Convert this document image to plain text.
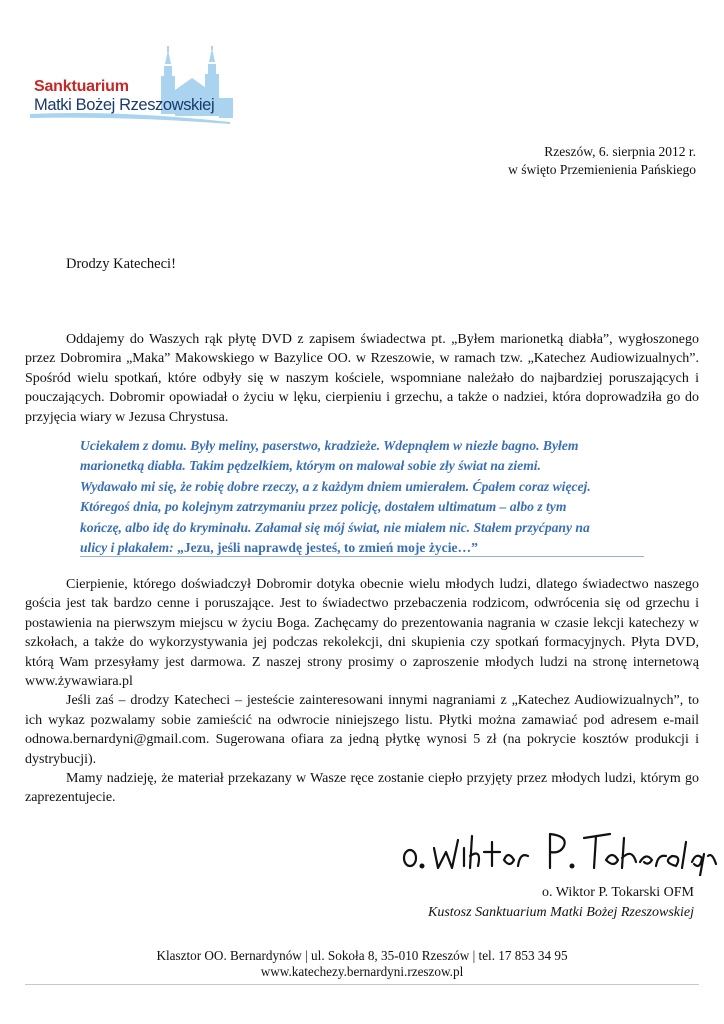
Sanktuarium
Matki Bożej Rzeszowskiej
Rzeszów, 6. sierpnia 2012 r.
w święto Przemienienia Pańskiego
Drodzy Katecheci!
Oddajemy do Waszych rąk płytę DVD z zapisem świadectwa pt. „Byłem marionetką diabła”, wygłoszonego przez Dobromira „Maka” Makowskiego w Bazylice OO. w Rzeszowie, w ramach tzw. „Katechez Audiowizualnych”. Spośród wielu spotkań, które odbyły się w naszym kościele, wspomniane należało do najbardziej poruszających i pouczających. Dobromir opowiadał o życiu w lęku, cierpieniu i grzechu, a także o nadziei, która doprowadziła go do przyjęcia wiary w Jezusa Chrystusa.
Uciekałem z domu. Były meliny, paserstwo, kradzieże. Wdepnąłem w niezłe bagno. Byłem
marionetką diabła. Takim pędzelkiem, którym on malował sobie zły świat na ziemi.
Wydawało mi się, że robię dobre rzeczy, a z każdym dniem umierałem. Ćpałem coraz więcej.
Któregoś dnia, po kolejnym zatrzymaniu przez policję, dostałem ultimatum – albo z tym
kończę, albo idę do kryminału. Załamał się mój świat, nie miałem nic. Stałem przyćpany na
ulicy i płakałem: „Jezu, jeśli naprawdę jesteś, to zmień moje życie…”

Cierpienie, którego doświadczył Dobromir dotyka obecnie wielu młodych ludzi, dlatego świadectwo naszego gościa jest tak bardzo cenne i poruszające. Jest to świadectwo przebaczenia rodzicom, odwrócenia się od grzechu i postawienia na pierwszym miejscu w życiu Boga. Zachęcamy do prezentowania nagrania w czasie lekcji katechezy w szkołach, a także do wykorzystywania jej podczas rekolekcji, dni skupienia czy spotkań formacyjnych. Płyta DVD, którą Wam przesyłamy jest darmowa. Z naszej strony prosimy o zaproszenie młodych ludzi na stronę internetową www.żywawiara.pl

Jeśli zaś – drodzy Katecheci – jesteście zainteresowani innymi nagraniami z „Katechez Audiowizualnych”, to ich wykaz pozwalamy sobie zamieścić na odwrocie niniejszego listu. Płytki można zamawiać pod adresem e-mail odnowa.bernardyni@gmail.com. Sugerowana ofiara za jedną płytkę wynosi 5 zł (na pokrycie kosztów produkcji i dystrybucji).

Mamy nadzieję, że materiał przekazany w Wasze ręce zostanie ciepło przyjęty przez młodych ludzi, którym go zaprezentujecie.

o. Wiktor P. Tokarski OFM
Kustosz Sanktuarium Matki Bożej Rzeszowskiej
Klasztor OO. Bernardynów | ul. Sokoła 8, 35-010 Rzeszów | tel. 17 853 34 95
www.katechezy.bernardyni.rzeszow.pl
